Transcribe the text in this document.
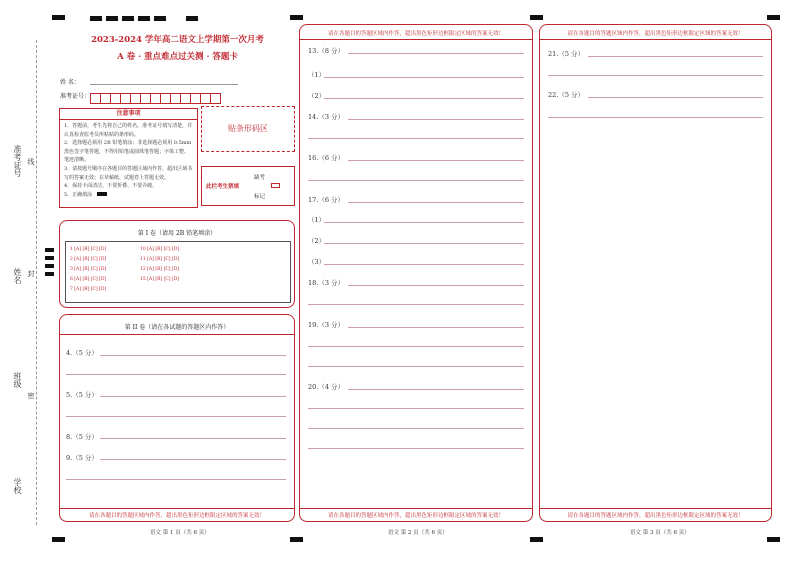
准考证号 线
姓名 封
班级
密
学校
2023-2024 学年高二语文上学期第一次月考
A 卷 · 重点难点过关测 · 答题卡
姓 名：
准考证号：
注意事项
1．答题前，考生先将自己的姓名，准考证号填写清楚，并认真检查监考员所粘贴的条形码。
2．选择题必须用 2B 铅笔填涂；非选择题必须用 0.5mm 黑色签字笔答题，不得用铅笔或圆珠笔答题；字体工整、笔迹清晰。
3．请按题号顺序在各题目的答题区域内作答，超出区域书写的答案无效；在草稿纸、试题卷上答题无效。
4．保持卡面清洁，不要折叠、不要弄破。
5．正确填涂
贴条形码区
此栏考生禁填
缺考
标记
第 I 卷（请用 2B 铅笔填涂）
1 [A] [B] [C] [D]
2 [A] [B] [C] [D]
3 [A] [B] [C] [D]
6 [A] [B] [C] [D]
7 [A] [B] [C] [D]
10 [A] [B] [C] [D]
11 [A] [B] [C] [D]
12 [A] [B] [C] [D]
15 [A] [B] [C] [D]
第 II 卷（请在各试题的答题区内作答）
4.（5 分）
5.（5 分）
8.（5 分）
9.（5 分）
请在各题目的答题区域内作答，超出黑色矩形边框限定区域的答案无效！
语文 第 1 页（共 6 页）
请在各题目的答题区域内作答，超出黑色矩形边框限定区域的答案无效！
13.（8 分）
（1）
（2）
14.（3 分）
16.（6 分）
17.（6 分）
（1）
（2）
（3）
18.（3 分）
19.（3 分）
20.（4 分）
请在各题目的答题区域内作答，超出黑色矩形边框限定区域的答案无效！
语文 第 2 页（共 6 页）
请在各题目的答题区域内作答，超出黑色矩形边框限定区域的答案无效！
21.（5 分）
22.（5 分）
请在各题目的答题区域内作答，超出黑色矩形边框限定区域的答案无效！
语文 第 3 页（共 6 页）
